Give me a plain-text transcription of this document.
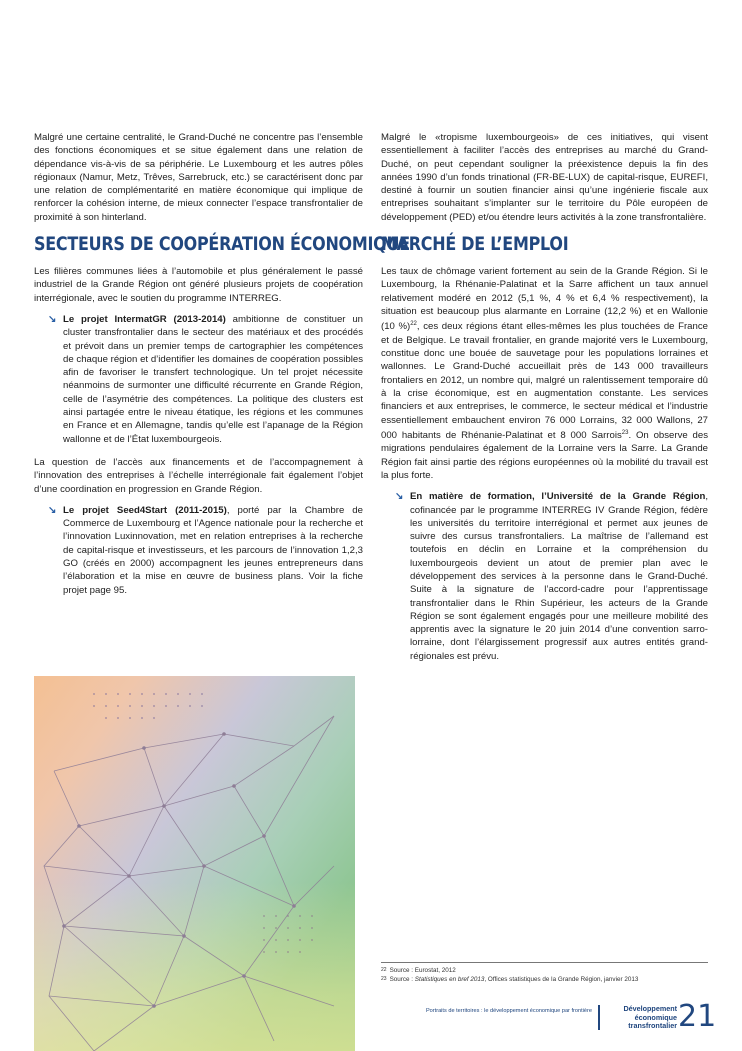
Malgré une certaine centralité, le Grand-Duché ne concentre pas l’ensemble des fonctions économiques et se situe également dans une relation de dépendance vis-à-vis de sa périphérie. Le Luxembourg et les autres pôles régionaux (Namur, Metz, Trêves, Sarrebruck, etc.) se caractérisent donc par une relation de complémentarité en matière économique qui implique de renforcer la cohésion interne, de mieux connecter l’espace transfrontalier de proximité à son hinterland.

SECTEURS DE COOPÉRATION ÉCONOMIQUE

Les filières communes liées à l’automobile et plus généralement le passé industriel de la Grande Région ont généré plusieurs projets de coopération interrégionale, avec le soutien du programme INTERREG.

↘ Le projet IntermatGR (2013-2014) ambitionne de constituer un cluster transfrontalier dans le secteur des matériaux et des procédés et prévoit dans un premier temps de cartographier les compétences de chaque région et d’identifier les domaines de coopération possibles afin de favoriser le transfert technologique. Un tel projet nécessite néanmoins de surmonter une difficulté récurrente en Grande Région, celle de l’asymétrie des compétences. La politique des clusters est ainsi partagée entre le niveau étatique, les régions et les communes en France et en Allemagne, tandis qu’elle est l’apanage de la Région wallonne et de l’État luxembourgeois.

La question de l’accès aux financements et de l’accompagnement à l’innovation des entreprises à l’échelle interrégionale fait également l’objet d’une coordination en progression en Grande Région.

↘ Le projet Seed4Start (2011-2015), porté par la Chambre de Commerce de Luxembourg et l’Agence nationale pour la recherche et l’innovation Luxinnovation, met en relation entreprises à la recherche de capital-risque et investisseurs, et les parcours de l’innovation 1,2,3 GO (créés en 2000) accompagnent les jeunes entrepreneurs dans l’élaboration et la mise en œuvre de business plans. Voir la fiche projet page 95.

Malgré le «tropisme luxembourgeois» de ces initiatives, qui visent essentiellement à faciliter l’accès des entreprises au marché du Grand-Duché, on peut cependant souligner la préexistence depuis la fin des années 1990 d’un fonds trinational (FR-BE-LUX) de capital-risque, EUREFI, destiné à fournir un soutien financier ainsi qu’une ingénierie fiscale aux entreprises souhaitant s’implanter sur le territoire du Pôle européen de développement (PED) et/ou étendre leurs activités à la zone transfrontalière.

MARCHÉ DE L’EMPLOI

Les taux de chômage varient fortement au sein de la Grande Région. Si le Luxembourg, la Rhénanie-Palatinat et la Sarre affichent un taux annuel relativement modéré en 2012 (5,1 %, 4 % et 6,4 % respectivement), la situation est beaucoup plus alarmante en Lorraine (12,2 %) et en Wallonie (10 %)$^{22}$, ces deux régions étant elles-mêmes les plus touchées de France et de Belgique. Le travail frontalier, en grande majorité vers le Luxembourg, constitue donc une bouée de sauvetage pour les populations lorraines et wallonnes. Le Grand-Duché accueillait près de 143 000 travailleurs frontaliers en 2012, un nombre qui, malgré un ralentissement temporaire dû à la crise économique, est en augmentation constante. Les services financiers et aux entreprises, le commerce, le secteur médical et l’industrie essentiellement embauchent environ 76 000 Lorrains, 32 000 Wallons, 27 000 habitants de Rhénanie-Palatinat et 8 000 Sarrois$^{23}$. On observe des migrations pendulaires également de la Lorraine vers la Sarre. La Grande Région fait ainsi partie des régions européennes où la mobilité du travail est la plus forte.

↘ En matière de formation, l’Université de la Grande Région, cofinancée par le programme INTERREG IV Grande Région, fédère les universités du territoire interrégional et permet aux jeunes de suivre des cursus transfrontaliers. La maîtrise de l’allemand est toutefois en déclin en Lorraine et la compréhension du luxembourgeois devient un atout de premier plan avec le développement des services à la personne dans le Grand-Duché. Suite à la signature de l’accord-cadre pour l’apprentissage transfrontalier dans le Rhin Supérieur, les acteurs de la Grande Région se sont également engagés pour une meilleure mobilité des apprentis avec la signature le 20 juin 2014 d’une convention sarro-lorraine, dont l’élargissement progressif aux autres entités grand-régionales est prévu.
$^{22}$ Source : Eurostat, 2012
$^{23}$ Source : Statistiques en bref 2013, Offices statistiques de la Grande Région, janvier 2013
Portraits de territoires : le développement économique par frontière	Développement
économique
transfrontalier 21
